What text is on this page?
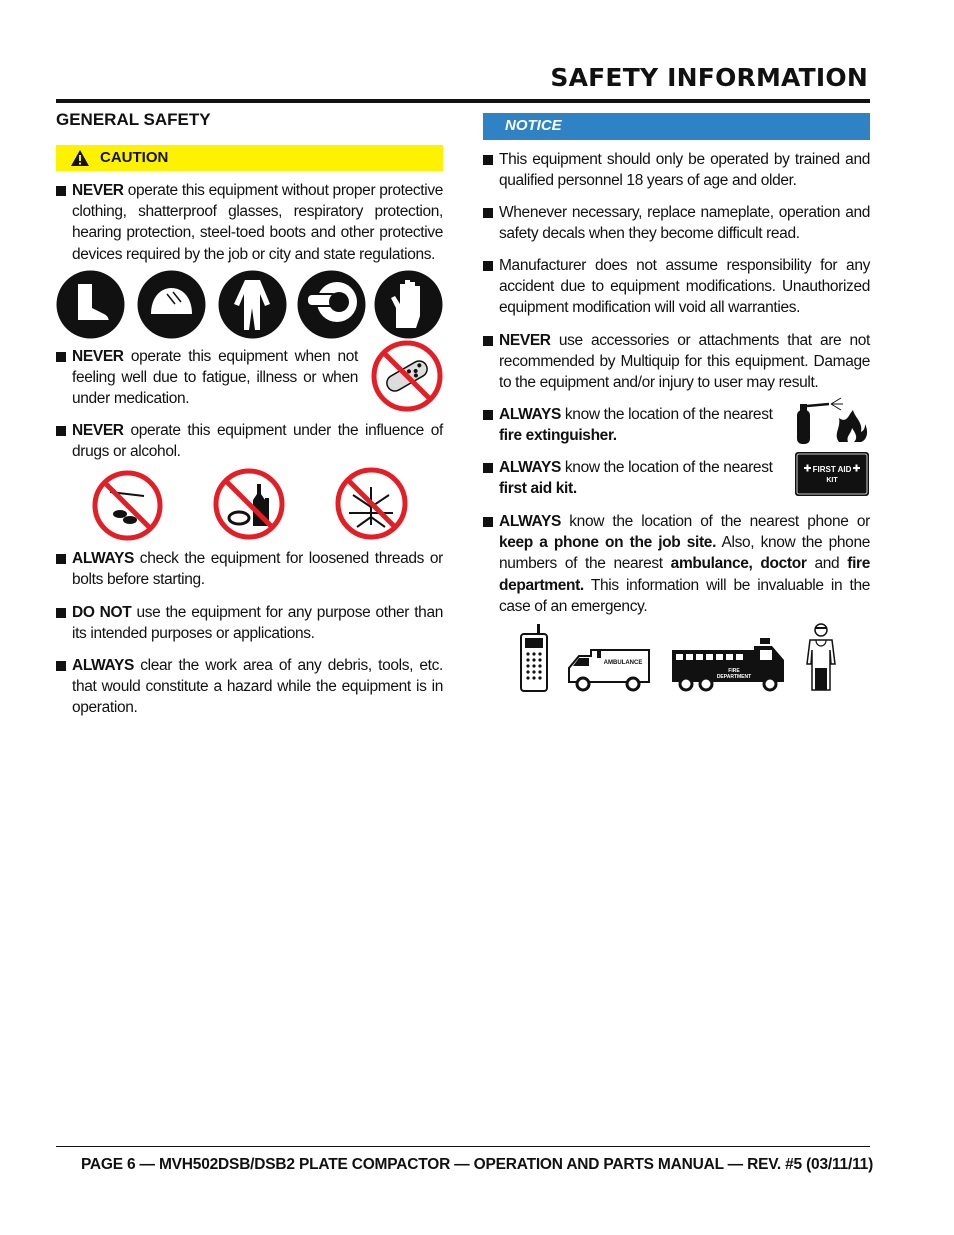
SAFETY INFORMATION
GENERAL SAFETY
CAUTION

NEVER operate this equipment without proper protective clothing, shatterproof glasses, respiratory protection, hearing protection, steel-toed boots and other protective devices required by the job or city and state regulations.

NEVER operate this equipment when not feeling well due to fatigue, illness or when under medication.

NEVER operate this equipment under the influence of drugs or alcohol.

ALWAYS check the equipment for loosened threads or bolts before starting.

DO NOT use the equipment for any purpose other than its intended purposes or applications.

ALWAYS clear the work area of any debris, tools, etc. that would constitute a hazard while the equipment is in operation.

NOTICE

This equipment should only be operated by trained and qualified personnel 18 years of age and older.

Whenever necessary, replace nameplate, operation and safety decals when they become difficult read.

Manufacturer does not assume responsibility for any accident due to equipment modifications. Unauthorized equipment modification will void all warranties.

NEVER use accessories or attachments that are not recommended by Multiquip for this equipment. Damage to the equipment and/or injury to user may result.

ALWAYS know the location of the nearest fire extinguisher.

ALWAYS know the location of the nearest first aid kit.

FIRST AID
KIT

ALWAYS know the location of the nearest phone or keep a phone on the job site. Also, know the phone numbers of the nearest ambulance, doctor and fire department. This information will be invaluable in the case of an emergency.

AMBULANCE
FIRE
DEPARTMENT
PAGE 6 — MVH502DSB/DSB2 PLATE COMPACTOR — OPERATION AND PARTS MANUAL — REV. #5 (03/11/11)
